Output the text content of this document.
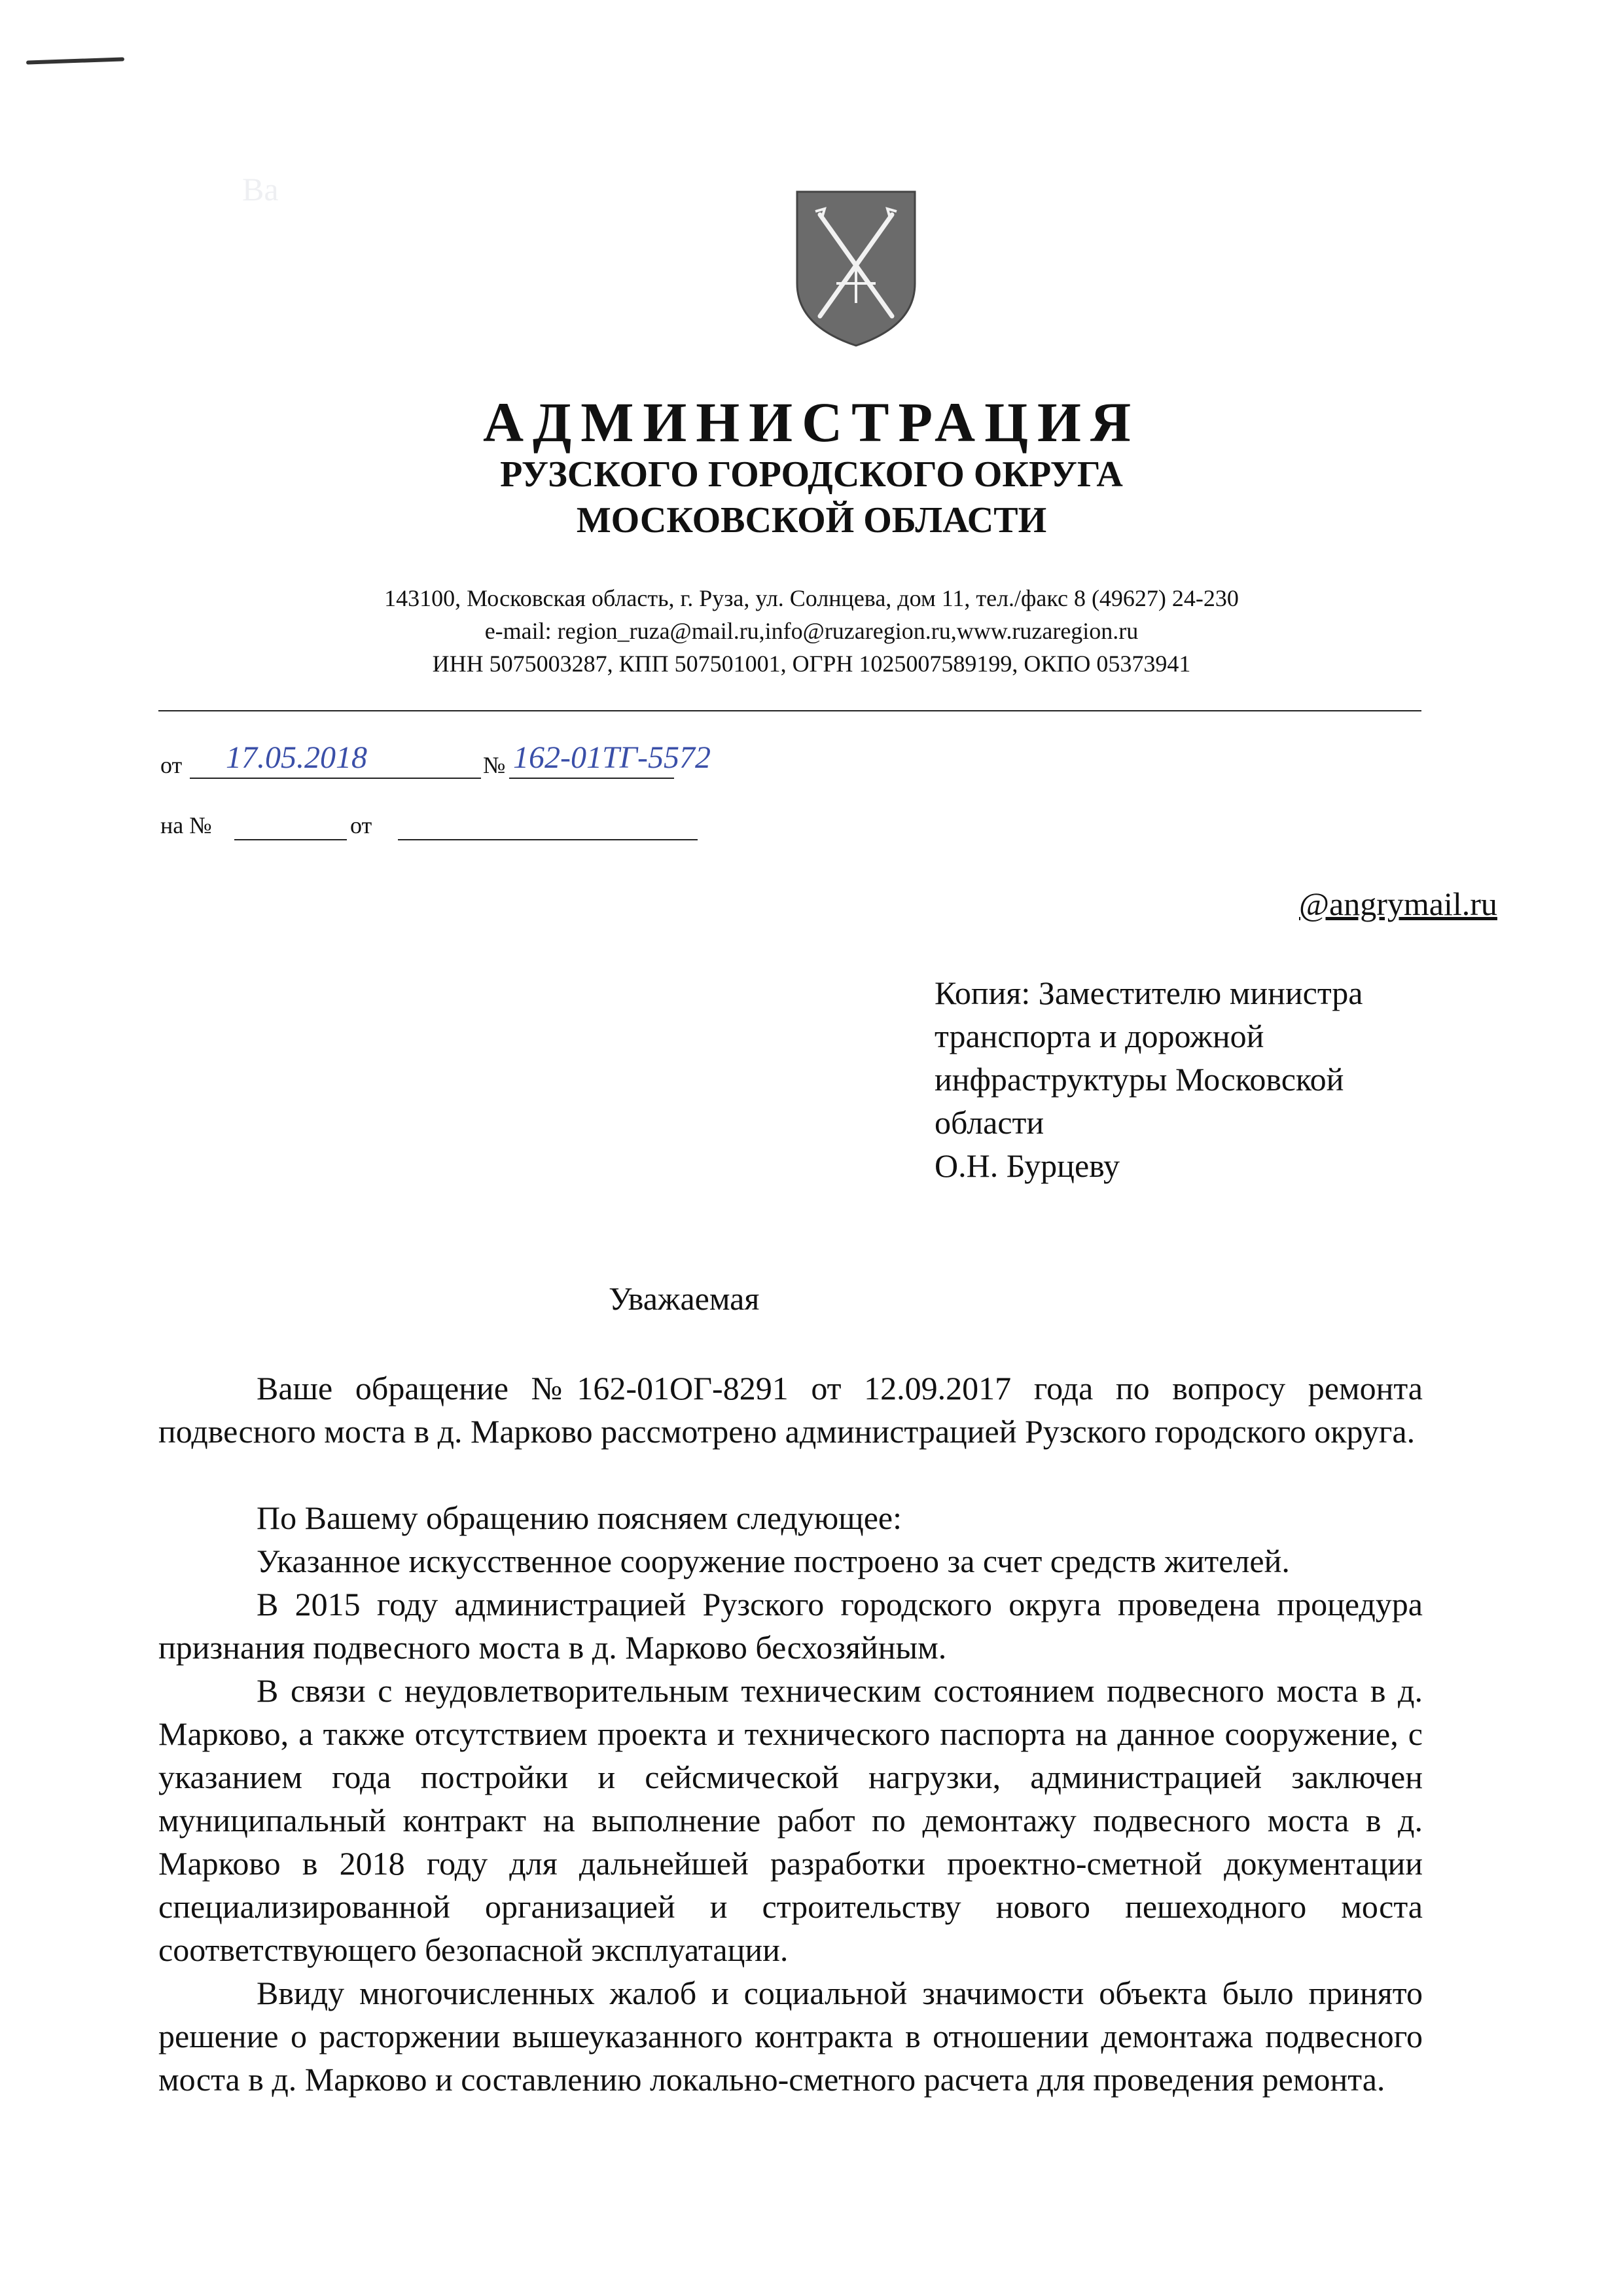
Ва
АДМИНИСТРАЦИЯ
РУЗСКОГО ГОРОДСКОГО ОКРУГА
МОСКОВСКОЙ ОБЛАСТИ
143100, Московская область, г. Руза, ул. Солнцева, дом 11, тел./факс 8 (49627) 24-230
e-mail: region_ruza@mail.ru,info@ruzaregion.ru,www.ruzaregion.ru
ИНН 5075003287, КПП 507501001, ОГРН 1025007589199, ОКПО 05373941
от 17.05.2018	№ 162-01ТГ-5572
на №	от
@angrymail.ru
Копия: Заместителю министра
транспорта и дорожной
инфраструктуры Московской
области
О.Н. Бурцеву
Уважаемая
Ваше обращение №162-01ОГ-8291 от 12.09.2017 года по вопросу ремонта подвесного моста в д. Марково рассмотрено администрацией Рузского городского округа.
По Вашему обращению поясняем следующее:
Указанное искусственное сооружение построено за счет средств жителей.
В 2015 году администрацией Рузского городского округа проведена процедура признания подвесного моста в д. Марково бесхозяйным.
В связи с неудовлетворительным техническим состоянием подвесного моста в д. Марково, а также отсутствием проекта и технического паспорта на данное сооружение, с указанием года постройки и сейсмической нагрузки, администрацией заключен муниципальный контракт на выполнение работ по демонтажу подвесного моста в д. Марково в 2018 году для дальнейшей разработки проектно-сметной документации специализированной организацией и строительству нового пешеходного моста соответствующего безопасной эксплуатации.
Ввиду многочисленных жалоб и социальной значимости объекта было принято решение о расторжении вышеуказанного контракта в отношении демонтажа подвесного моста в д. Марково и составлению локально-сметного расчета для проведения ремонта.
